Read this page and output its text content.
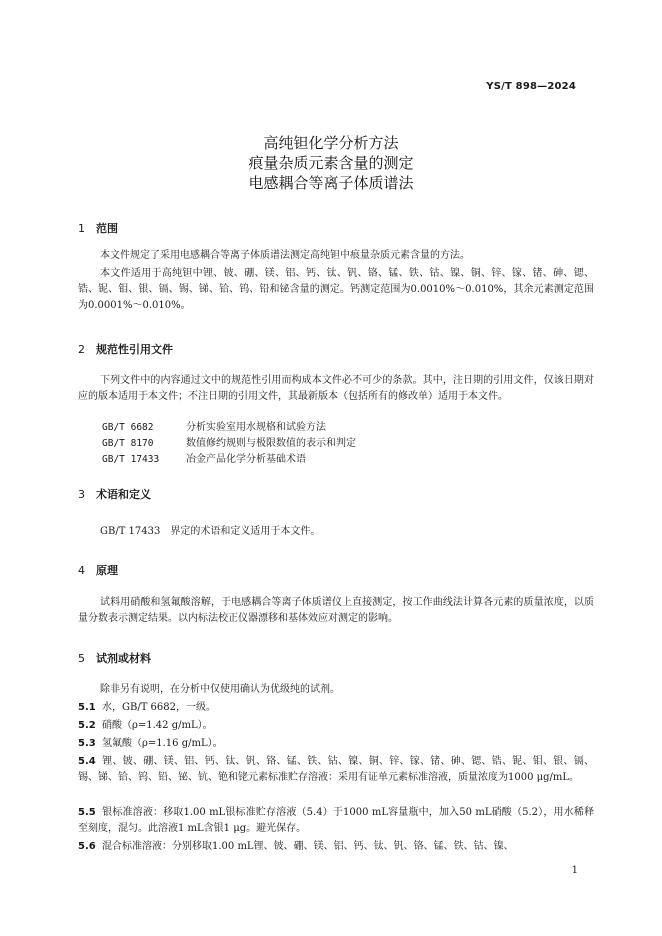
YS/T 898—2024
高纯钽化学分析方法
痕量杂质元素含量的测定
电感耦合等离子体质谱法
1 范围

本文件规定了采用电感耦合等离子体质谱法测定高纯钽中痕量杂质元素含量的方法。

本文件适用于高纯钽中锂、铍、硼、镁、铝、钙、钛、钒、铬、锰、铁、钴、镍、铜、锌、镓、锗、砷、锶、锆、铌、钼、银、镉、锡、锑、铪、钨、铅和铋含量的测定。钙测定范围为0.0010%～0.010%，其余元素测定范围为0.0001%～0.010%。

2 规范性引用文件

下列文件中的内容通过文中的规范性引用而构成本文件必不可少的条款。其中，注日期的引用文件，仅该日期对应的版本适用于本文件；不注日期的引用文件，其最新版本（包括所有的修改单）适用于本文件。

GB/T 6682	分析实验室用水规格和试验方法

GB/T 8170	数值修约规则与极限数值的表示和判定

GB/T 17433	冶金产品化学分析基础术语

3 术语和定义

GB/T 17433　界定的术语和定义适用于本文件。

4 原理

试料用硝酸和氢氟酸溶解，于电感耦合等离子体质谱仪上直接测定，按工作曲线法计算各元素的质量浓度，以质量分数表示测定结果。以内标法校正仪器漂移和基体效应对测定的影响。

5 试剂或材料

除非另有说明，在分析中仅使用确认为优级纯的试剂。

5.1 水，GB/T 6682，一级。

5.2 硝酸（ρ=1.42 g/mL）。

5.3 氢氟酸（ρ=1.16 g/mL）。

5.4 锂、铍、硼、镁、铝、钙、钛、钒、铬、锰、铁、钴、镍、铜、锌、镓、锗、砷、锶、锆、铌、钼、银、镉、锡、锑、铪、钨、铅、铋、钪、铯和铑元素标准贮存溶液：采用有证单元素标准溶液，质量浓度为1000 μg/mL。

5.5 银标准溶液：移取1.00 mL银标准贮存溶液（5.4）于1000 mL容量瓶中，加入50 mL硝酸（5.2），用水稀释至刻度，混匀。此溶液1 mL含银1 μg。避光保存。

5.6 混合标准溶液：分别移取1.00 mL锂、铍、硼、镁、铝、钙、钛、钒、铬、锰、铁、钴、镍、

1
